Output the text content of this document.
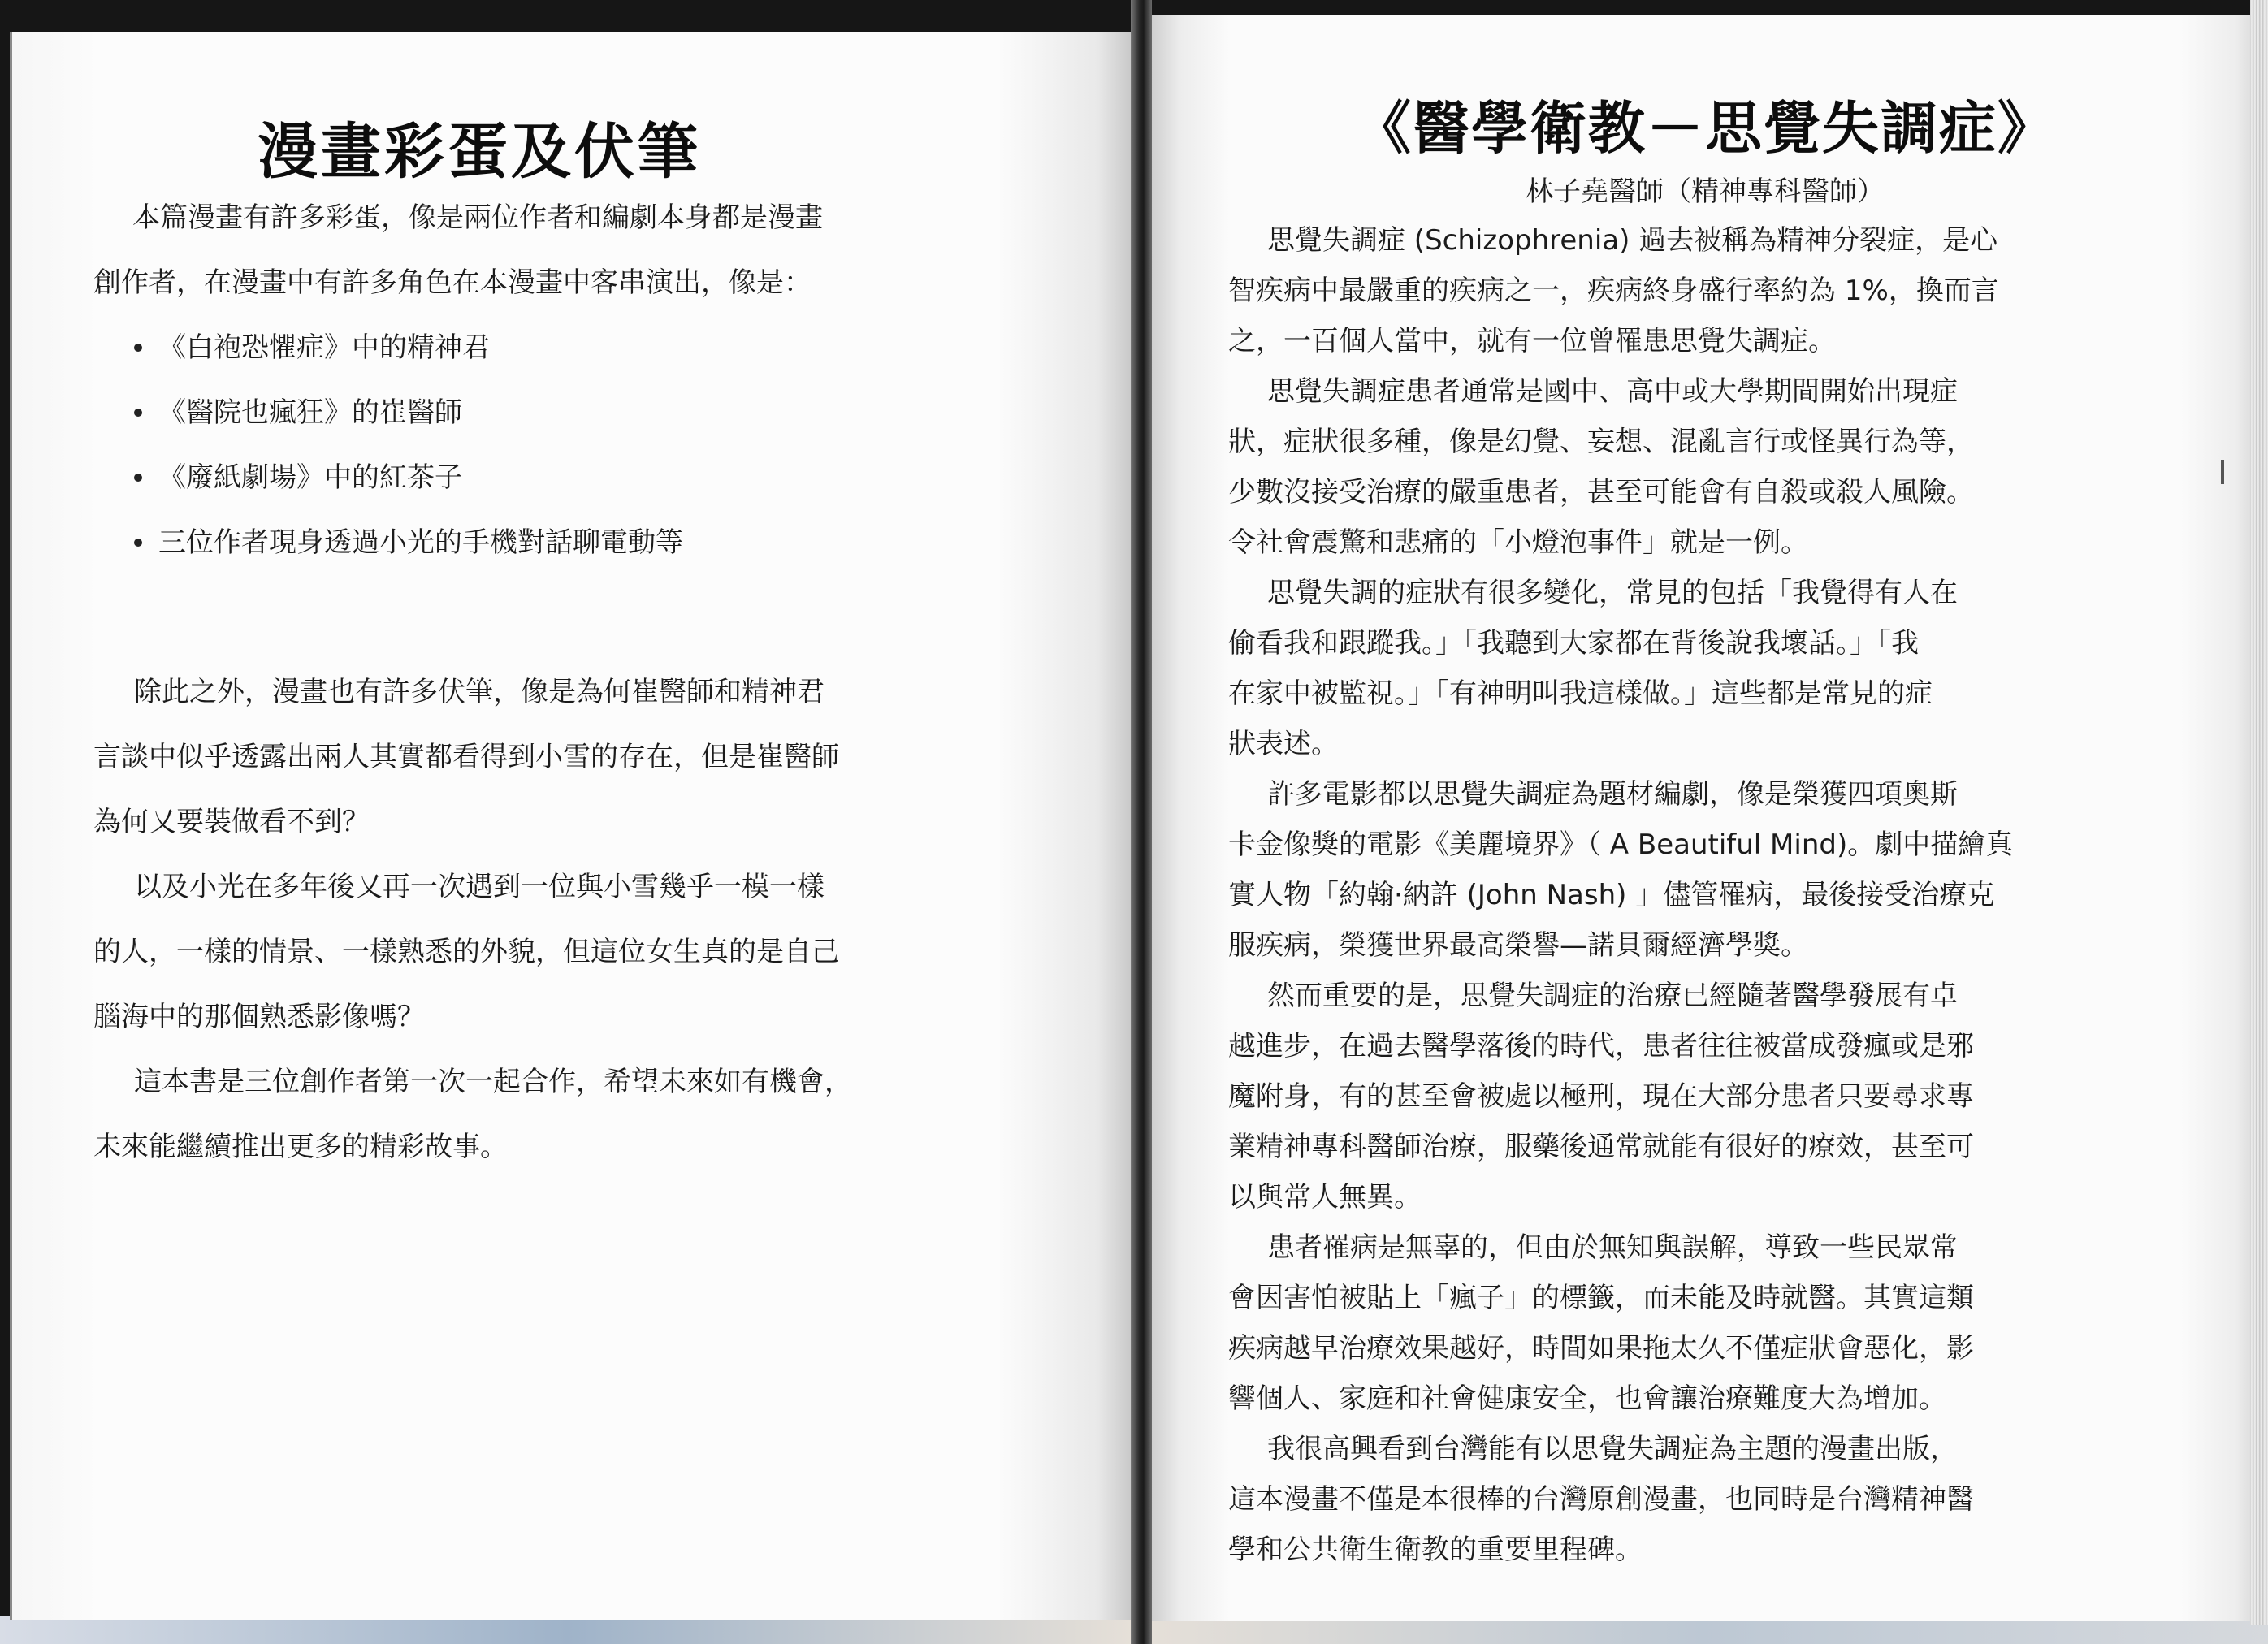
漫畫彩蛋及伏筆
本篇漫畫有許多彩蛋，像是兩位作者和編劇本身都是漫畫
創作者，在漫畫中有許多角色在本漫畫中客串演出，像是：
《白袍恐懼症》中的精神君
《醫院也瘋狂》的崔醫師
《廢紙劇場》中的紅茶子
三位作者現身透過小光的手機對話聊電動等
除此之外，漫畫也有許多伏筆，像是為何崔醫師和精神君
言談中似乎透露出兩人其實都看得到小雪的存在，但是崔醫師
為何又要裝做看不到？
以及小光在多年後又再一次遇到一位與小雪幾乎一模一樣
的人，一樣的情景、一樣熟悉的外貌，但這位女生真的是自己
腦海中的那個熟悉影像嗎？
這本書是三位創作者第一次一起合作，希望未來如有機會，
未來能繼續推出更多的精彩故事。
《醫學衛教－思覺失調症》
林子堯醫師（精神專科醫師）
思覺失調症 (Schizophrenia) 過去被稱為精神分裂症，是心
智疾病中最嚴重的疾病之一，疾病終身盛行率約為 1%，換而言
之，一百個人當中，就有一位曾罹患思覺失調症。
思覺失調症患者通常是國中、高中或大學期間開始出現症
狀，症狀很多種，像是幻覺、妄想、混亂言行或怪異行為等，
少數沒接受治療的嚴重患者，甚至可能會有自殺或殺人風險。
令社會震驚和悲痛的「小燈泡事件」就是一例。
思覺失調的症狀有很多變化，常見的包括「我覺得有人在
偷看我和跟蹤我。」「我聽到大家都在背後說我壞話。」「我
在家中被監視。」「有神明叫我這樣做。」這些都是常見的症
狀表述。
許多電影都以思覺失調症為題材編劇，像是榮獲四項奧斯
卡金像獎的電影《美麗境界》（ A Beautiful Mind)。劇中描繪真
實人物「約翰·納許 (John Nash) 」儘管罹病，最後接受治療克
服疾病，榮獲世界最高榮譽—諾貝爾經濟學獎。
然而重要的是，思覺失調症的治療已經隨著醫學發展有卓
越進步，在過去醫學落後的時代，患者往往被當成發瘋或是邪
魔附身，有的甚至會被處以極刑，現在大部分患者只要尋求專
業精神專科醫師治療，服藥後通常就能有很好的療效，甚至可
以與常人無異。
患者罹病是無辜的，但由於無知與誤解，導致一些民眾常
會因害怕被貼上「瘋子」的標籤，而未能及時就醫。其實這類
疾病越早治療效果越好，時間如果拖太久不僅症狀會惡化，影
響個人、家庭和社會健康安全，也會讓治療難度大為增加。
我很高興看到台灣能有以思覺失調症為主題的漫畫出版，
這本漫畫不僅是本很棒的台灣原創漫畫，也同時是台灣精神醫
學和公共衛生衛教的重要里程碑。
